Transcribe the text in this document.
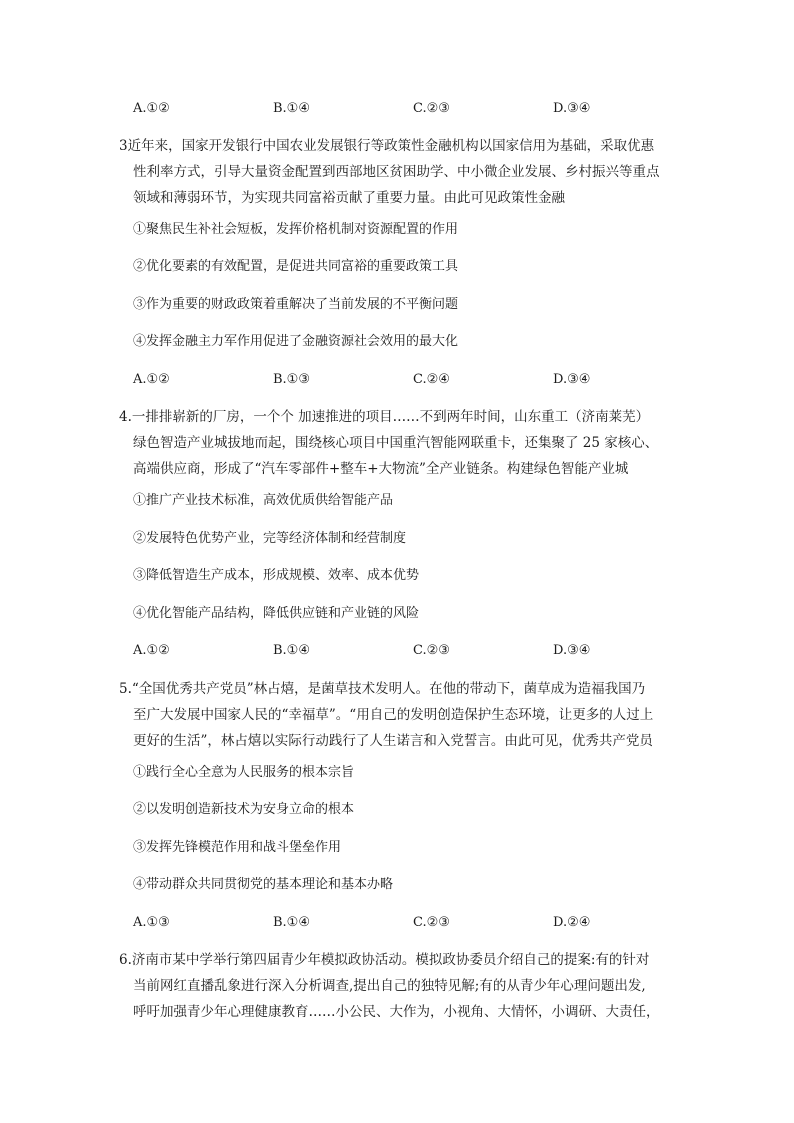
A.①②	B.①④	C.②③	D.③④
3近年来，国家开发银行中国农业发展银行等政策性金融机构以国家信用为基础，采取优惠
性利率方式，引导大量资金配置到西部地区贫困助学、中小微企业发展、乡村振兴等重点
领域和薄弱环节，为实现共同富裕贡献了重要力量。由此可见政策性金融
①聚焦民生补社会短板，发挥价格机制对资源配置的作用
②优化要素的有效配置，是促进共同富裕的重要政策工具
③作为重要的财政政策着重解决了当前发展的不平衡问题
④发挥金融主力军作用促进了金融资源社会效用的最大化
A.①②	B.①③	C.②④	D.③④
4.一排排崭新的厂房，一个个 加速推进的项目……不到两年时间，山东重工（济南莱芜）
绿色智造产业城拔地而起，围绕核心项目中国重汽智能网联重卡，还集聚了 25 家核心、
高端供应商，形成了“汽车零部件+整车+大物流”全产业链条。构建绿色智能产业城
①推广产业技术标准，高效优质供给智能产品
②发展特色优势产业，完等经济体制和经营制度
③降低智造生产成本，形成规模、效率、成本优势
④优化智能产品结构，降低供应链和产业链的风险
A.①②	B.①④	C.②③	D.③④
5.“全国优秀共产党员”林占熺，是菌草技术发明人。在他的带动下，菌草成为造福我国乃
至广大发展中国家人民的“幸福草”。“用自己的发明创造保护生态环境，让更多的人过上
更好的生活”，林占熺以实际行动践行了人生诺言和入党誓言。由此可见，优秀共产党员
①践行全心全意为人民服务的根本宗旨
②以发明创造新技术为安身立命的根本
③发挥先锋模范作用和战斗堡垒作用
④带动群众共同贯彻党的基本理论和基本办略
A.①③	B.①④	C.②③	D.②④
6.济南市某中学举行第四届青少年模拟政协活动。模拟政协委员介绍自己的提案:有的针对
当前网红直播乱象进行深入分析调查,提出自己的独特见解;有的从青少年心理问题出发,
呼吁加强青少年心理健康教育……小公民、大作为，小视角、大情怀，小调研、大责任，
